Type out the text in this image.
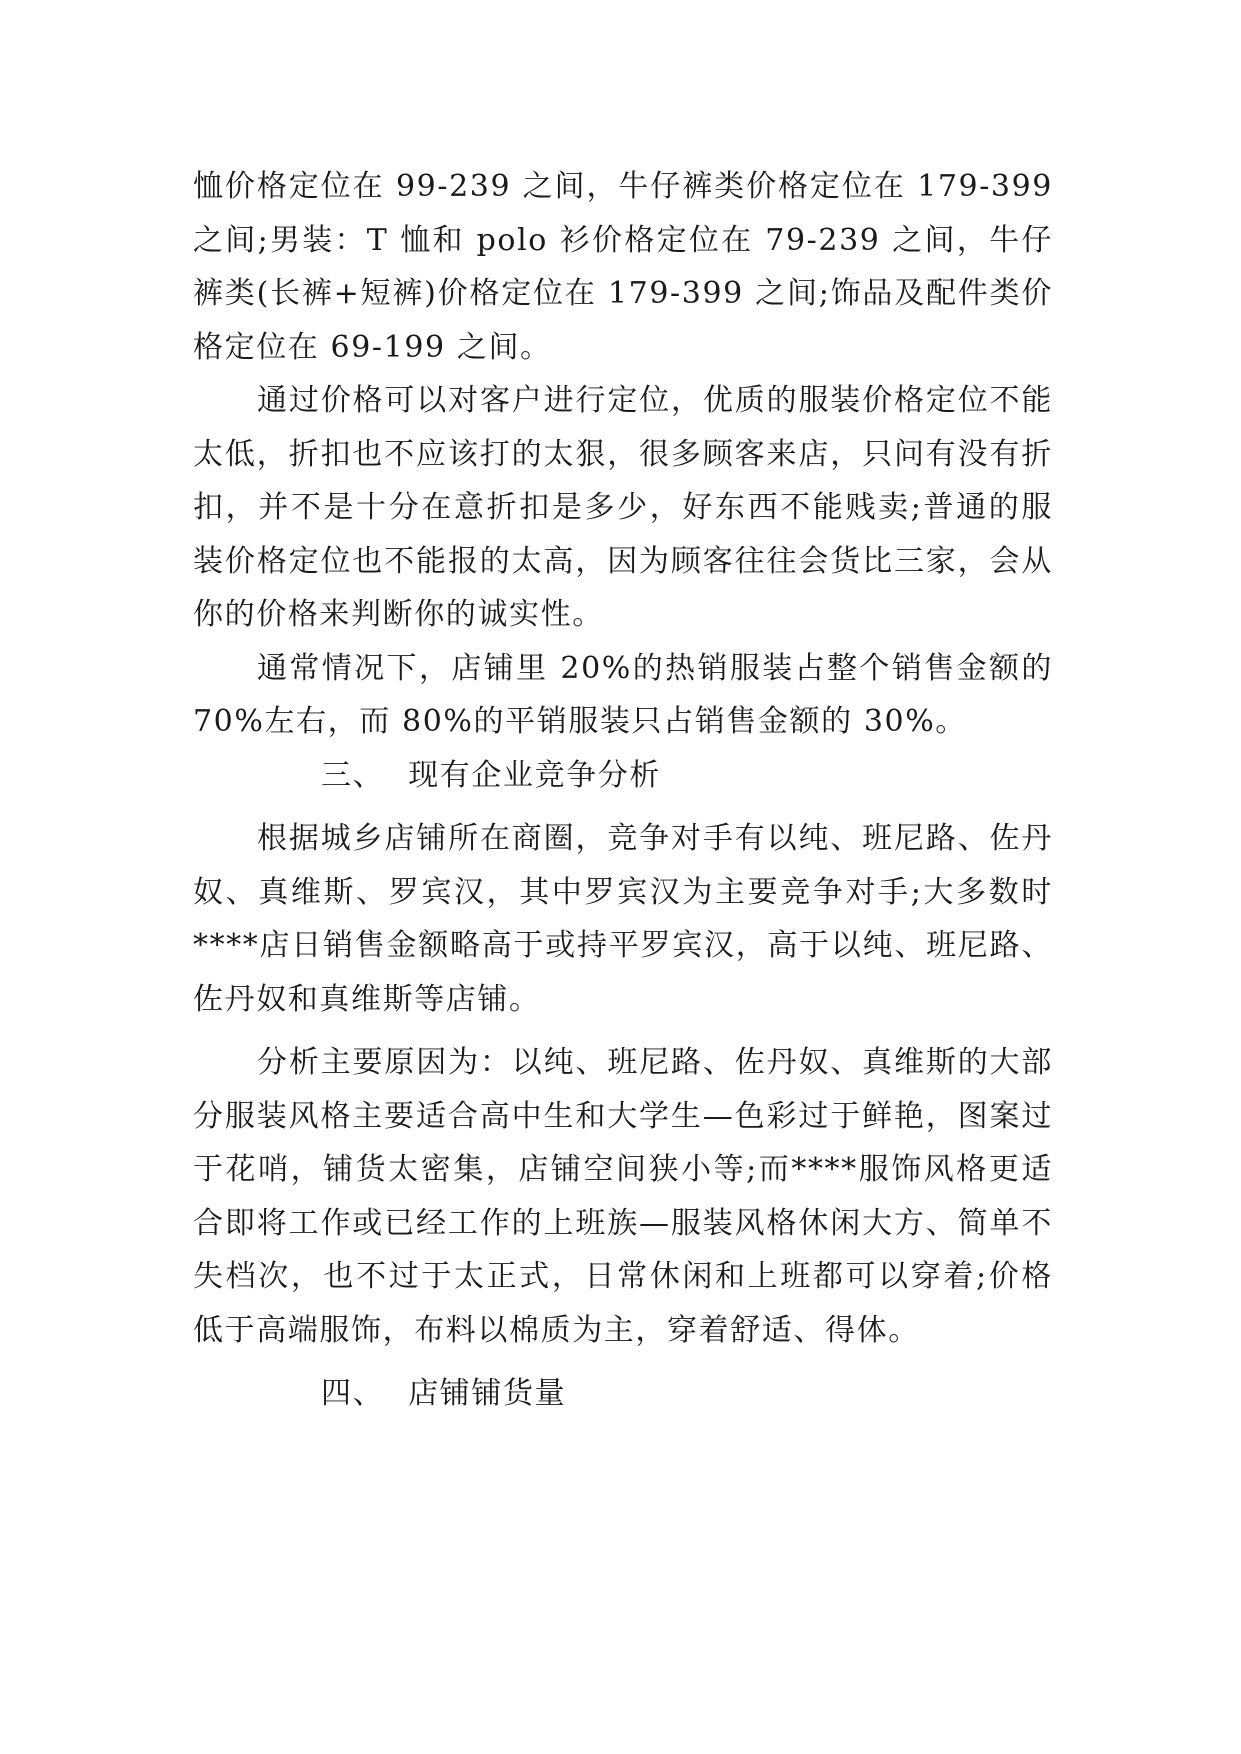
恤价格定位在 99-239 之间，牛仔裤类价格定位在 179-399 之间;男装：T 恤和 polo 衫价格定位在 79-239 之间，牛仔裤类(长裤+短裤)价格定位在 179-399 之间;饰品及配件类价格定位在 69-199 之间。

通过价格可以对客户进行定位，优质的服装价格定位不能太低，折扣也不应该打的太狠，很多顾客来店，只问有没有折扣，并不是十分在意折扣是多少，好东西不能贱卖;普通的服装价格定位也不能报的太高，因为顾客往往会货比三家，会从你的价格来判断你的诚实性。

通常情况下，店铺里 20%的热销服装占整个销售金额的 70%左右，而 80%的平销服装只占销售金额的 30%。

三、 现有企业竞争分析

根据城乡店铺所在商圈，竞争对手有以纯、班尼路、佐丹奴、真维斯、罗宾汉，其中罗宾汉为主要竞争对手;大多数时****店日销售金额略高于或持平罗宾汉，高于以纯、班尼路、佐丹奴和真维斯等店铺。

分析主要原因为：以纯、班尼路、佐丹奴、真维斯的大部分服装风格主要适合高中生和大学生—色彩过于鲜艳，图案过于花哨，铺货太密集，店铺空间狭小等;而****服饰风格更适合即将工作或已经工作的上班族—服装风格休闲大方、简单不失档次，也不过于太正式，日常休闲和上班都可以穿着;价格低于高端服饰，布料以棉质为主，穿着舒适、得体。

四、 店铺铺货量
